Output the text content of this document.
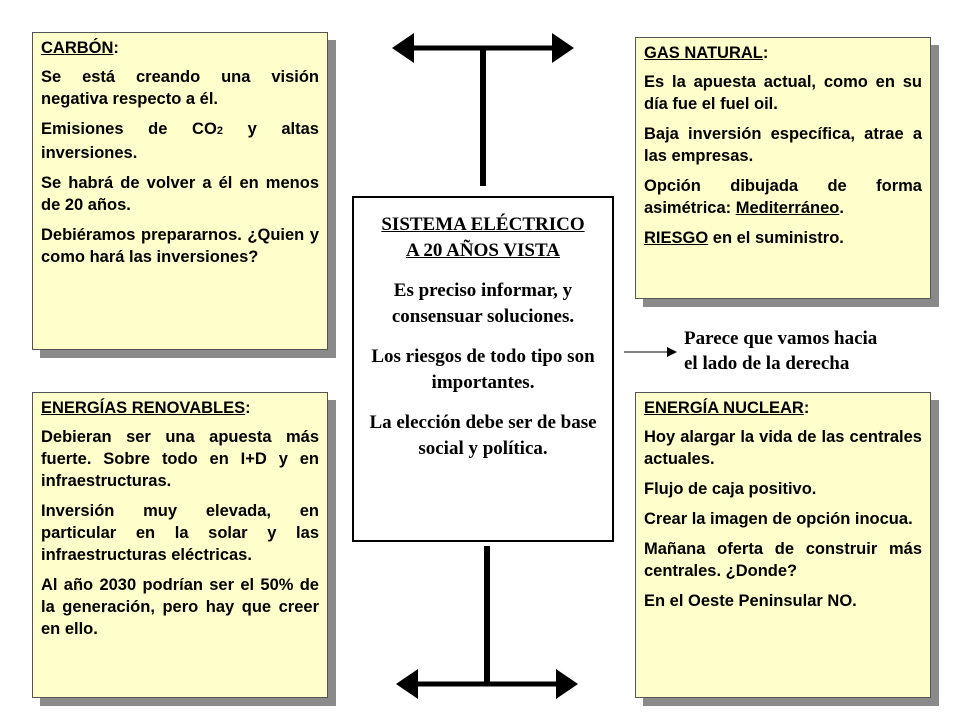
CARBÓN:

Se está creando una visión negativa respecto a él.

Emisiones de CO2 y altas inversiones.

Se habrá de volver a él en menos de 20 años.

Debiéramos prepararnos. ¿Quien y como hará las inversiones?

GAS NATURAL:

Es la apuesta actual, como en su día fue el fuel oil.

Baja inversión específica, atrae a las empresas.

Opción dibujada de forma asimétrica: Mediterráneo.

RIESGO en el suministro.

ENERGÍAS RENOVABLES:

Debieran ser una apuesta más fuerte. Sobre todo en I+D y en infraestructuras.

Inversión muy elevada, en particular en la solar y las infraestructuras eléctricas.

Al año 2030 podrían ser el 50% de la generación, pero hay que creer en ello.

ENERGÍA NUCLEAR:

Hoy alargar la vida de las centrales actuales.

Flujo de caja positivo.

Crear la imagen de opción inocua.

Mañana oferta de construir más centrales. ¿Donde?

En el Oeste Peninsular NO.

SISTEMA ELÉCTRICO
A 20 AÑOS VISTA

Es preciso informar, y consensuar soluciones.

Los riesgos de todo tipo son importantes.

La elección debe ser de base social y política.

Parece que vamos hacia
el lado de la derecha
